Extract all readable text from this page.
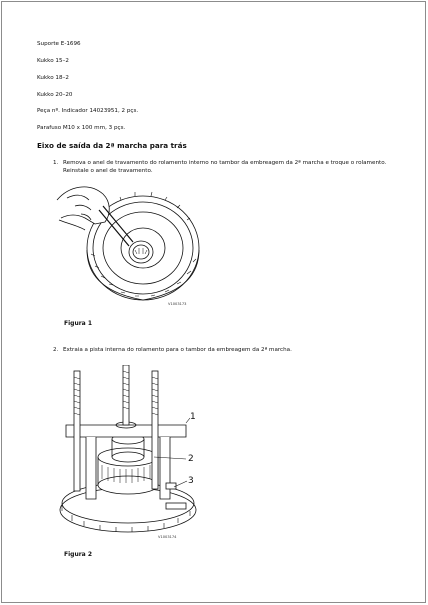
Suporte E-1696
Kukko 15–2
Kukko 18–2
Kukko 20–20
Peça nº. Indicador 14023951, 2 pçs.
Parafuso M10 x 100 mm, 3 pçs.
Eixo de saída da 2ª marcha para trás
1. Remova o anel de travamento do rolamento interno no tambor da embreagem da 2ª marcha e troque o rolamento.
Reinstale o anel de travamento.
V1003173
Figura 1
2. Extraia a pista interna do rolamento para o tambor da embreagem da 2ª marcha.
1
2
3
V1003174
Figura 2
